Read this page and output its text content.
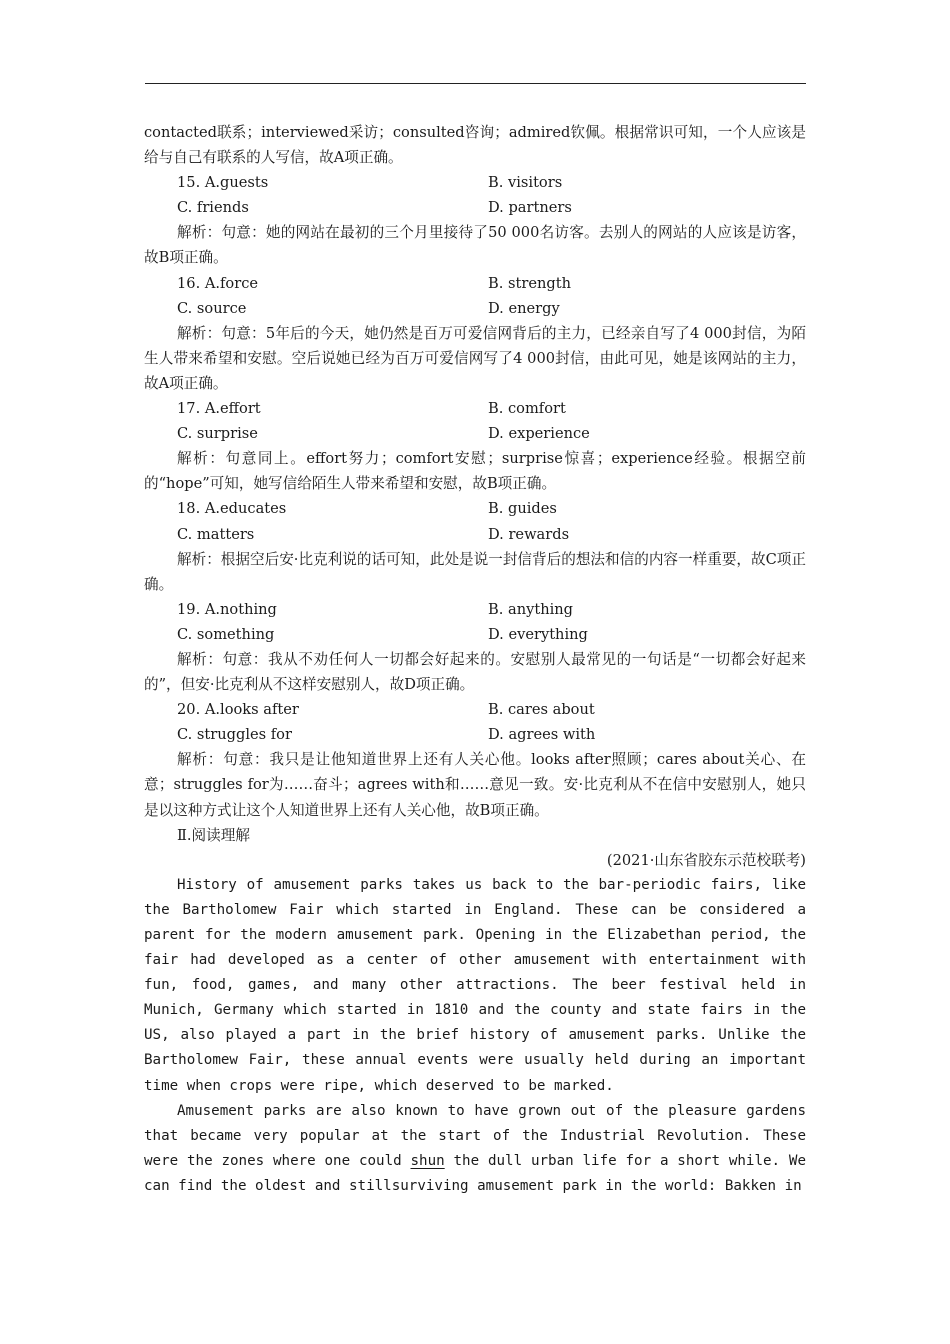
contacted联系；interviewed采访；consulted咨询；admired钦佩。根据常识可知，一个人应该是给与自己有联系的人写信，故A项正确。

15. A.guests	B. visitors
C. friends	D. partners

解析：句意：她的网站在最初的三个月里接待了50 000名访客。去别人的网站的人应该是访客，故B项正确。

16. A.force	B. strength
C. source	D. energy

解析：句意：5年后的今天，她仍然是百万可爱信网背后的主力，已经亲自写了4 000封信，为陌生人带来希望和安慰。空后说她已经为百万可爱信网写了4 000封信，由此可见，她是该网站的主力，故A项正确。

17. A.effort	B. comfort
C. surprise	D. experience

解析：句意同上。effort努力；comfort安慰；surprise惊喜；experience经验。根据空前的“hope”可知，她写信给陌生人带来希望和安慰，故B项正确。

18. A.educates	B. guides
C. matters	D. rewards

解析：根据空后安·比克利说的话可知，此处是说一封信背后的想法和信的内容一样重要，故C项正确。

19. A.nothing	B. anything
C. something	D. everything

解析：句意：我从不劝任何人一切都会好起来的。安慰别人最常见的一句话是“一切都会好起来的”，但安·比克利从不这样安慰别人，故D项正确。

20. A.looks after	B. cares about
C. struggles for	D. agrees with

解析：句意：我只是让他知道世界上还有人关心他。looks after照顾；cares about关心、在意；struggles for为……奋斗；agrees with和……意见一致。安·比克利从不在信中安慰别人，她只是以这种方式让这个人知道世界上还有人关心他，故B项正确。

Ⅱ.阅读理解

(2021·山东省胶东示范校联考)

History of amusement parks takes us back to the bar-periodic fairs, like the Bartholomew Fair which started in England. These can be considered a parent for the modern amusement park. Opening in the Elizabethan period, the fair had developed as a center of other amusement with entertainment with fun, food, games, and many other attractions. The beer festival held in Munich, Germany which started in 1810 and the county and state fairs in the US, also played a part in the brief history of amusement parks. Unlike the Bartholomew Fair, these annual events were usually held during an important time when crops were ripe, which deserved to be marked.

Amusement parks are also known to have grown out of the pleasure gardens that became very popular at the start of the Industrial Revolution. These were the zones where one could shun the dull urban life for a short while. We can find the oldest and stillsurviving amusement park in the world: Bakken in
